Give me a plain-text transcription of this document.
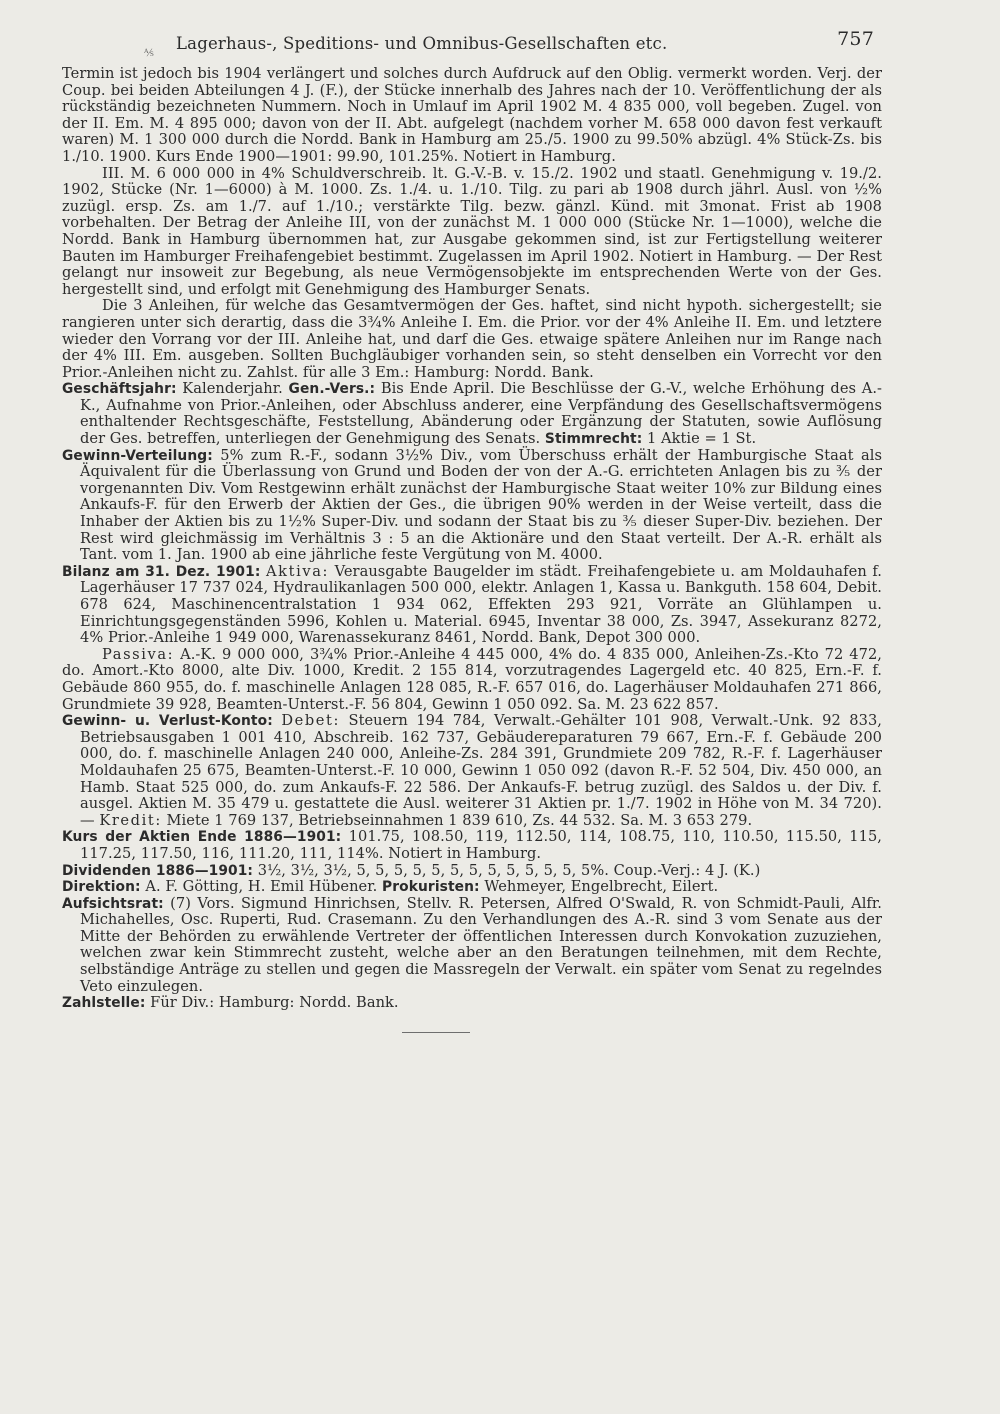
⅍ Lagerhaus-, Speditions- und Omnibus-Gesellschaften etc.	757

Termin ist jedoch bis 1904 verlängert und solches durch Aufdruck auf den Oblig. vermerkt worden. Verj. der Coup. bei beiden Abteilungen 4 J. (F.), der Stücke innerhalb des Jahres nach der 10. Veröffentlichung der als rückständig bezeichneten Nummern. Noch in Umlauf im April 1902 M. 4 835 000, voll begeben. Zugel. von der II. Em. M. 4 895 000; davon von der II. Abt. aufgelegt (nachdem vorher M. 658 000 davon fest verkauft waren) M. 1 300 000 durch die Nordd. Bank in Hamburg am 25./5. 1900 zu 99.50% abzügl. 4% Stück-Zs. bis 1./10. 1900. Kurs Ende 1900—1901: 99.90, 101.25%. Notiert in Hamburg.

III. M. 6 000 000 in 4% Schuldverschreib. lt. G.-V.-B. v. 15./2. 1902 und staatl. Genehmigung v. 19./2. 1902, Stücke (Nr. 1—6000) à M. 1000. Zs. 1./4. u. 1./10. Tilg. zu pari ab 1908 durch jährl. Ausl. von ½% zuzügl. ersp. Zs. am 1./7. auf 1./10.; verstärkte Tilg. bezw. gänzl. Künd. mit 3monat. Frist ab 1908 vorbehalten. Der Betrag der Anleihe III, von der zunächst M. 1 000 000 (Stücke Nr. 1—1000), welche die Nordd. Bank in Hamburg übernommen hat, zur Ausgabe gekommen sind, ist zur Fertigstellung weiterer Bauten im Hamburger Freihafengebiet bestimmt. Zugelassen im April 1902. Notiert in Hamburg. — Der Rest gelangt nur insoweit zur Begebung, als neue Vermögensobjekte im entsprechenden Werte von der Ges. hergestellt sind, und erfolgt mit Genehmigung des Hamburger Senats.

Die 3 Anleihen, für welche das Gesamtvermögen der Ges. haftet, sind nicht hypoth. sichergestellt; sie rangieren unter sich derartig, dass die 3¾% Anleihe I. Em. die Prior. vor der 4% Anleihe II. Em. und letztere wieder den Vorrang vor der III. Anleihe hat, und darf die Ges. etwaige spätere Anleihen nur im Range nach der 4% III. Em. ausgeben. Sollten Buchgläubiger vorhanden sein, so steht denselben ein Vorrecht vor den Prior.-Anleihen nicht zu. Zahlst. für alle 3 Em.: Hamburg: Nordd. Bank.

Geschäftsjahr: Kalenderjahr. Gen.-Vers.: Bis Ende April. Die Beschlüsse der G.-V., welche Erhöhung des A.-K., Aufnahme von Prior.-Anleihen, oder Abschluss anderer, eine Verpfändung des Gesellschaftsvermögens enthaltender Rechtsgeschäfte, Feststellung, Abänderung oder Ergänzung der Statuten, sowie Auflösung der Ges. betreffen, unterliegen der Genehmigung des Senats. Stimmrecht: 1 Aktie = 1 St.

Gewinn-Verteilung: 5% zum R.-F., sodann 3½% Div., vom Überschuss erhält der Hamburgische Staat als Äquivalent für die Überlassung von Grund und Boden der von der A.-G. errichteten Anlagen bis zu ⅗ der vorgenannten Div. Vom Restgewinn erhält zunächst der Hamburgische Staat weiter 10% zur Bildung eines Ankaufs-F. für den Erwerb der Aktien der Ges., die übrigen 90% werden in der Weise verteilt, dass die Inhaber der Aktien bis zu 1½% Super-Div. und sodann der Staat bis zu ⅗ dieser Super-Div. beziehen. Der Rest wird gleichmässig im Verhältnis 3 : 5 an die Aktionäre und den Staat verteilt. Der A.-R. erhält als Tant. vom 1. Jan. 1900 ab eine jährliche feste Vergütung von M. 4000.

Bilanz am 31. Dez. 1901: Aktiva: Verausgabte Baugelder im städt. Freihafengebiete u. am Moldauhafen f. Lagerhäuser 17 737 024, Hydraulikanlagen 500 000, elektr. Anlagen 1, Kassa u. Bankguth. 158 604, Debit. 678 624, Maschinencentralstation 1 934 062, Effekten 293 921, Vorräte an Glühlampen u. Einrichtungsgegenständen 5996, Kohlen u. Material. 6945, Inventar 38 000, Zs. 3947, Assekuranz 8272, 4% Prior.-Anleihe 1 949 000, Warenassekuranz 8461, Nordd. Bank, Depot 300 000.

Passiva: A.-K. 9 000 000, 3¾% Prior.-Anleihe 4 445 000, 4% do. 4 835 000, Anleihen-Zs.-Kto 72 472, do. Amort.-Kto 8000, alte Div. 1000, Kredit. 2 155 814, vorzutragendes Lagergeld etc. 40 825, Ern.-F. f. Gebäude 860 955, do. f. maschinelle Anlagen 128 085, R.-F. 657 016, do. Lagerhäuser Moldauhafen 271 866, Grundmiete 39 928, Beamten-Unterst.-F. 56 804, Gewinn 1 050 092. Sa. M. 23 622 857.

Gewinn- u. Verlust-Konto: Debet: Steuern 194 784, Verwalt.-Gehälter 101 908, Verwalt.-Unk. 92 833, Betriebsausgaben 1 001 410, Abschreib. 162 737, Gebäudereparaturen 79 667, Ern.-F. f. Gebäude 200 000, do. f. maschinelle Anlagen 240 000, Anleihe-Zs. 284 391, Grundmiete 209 782, R.-F. f. Lagerhäuser Moldauhafen 25 675, Beamten-Unterst.-F. 10 000, Gewinn 1 050 092 (davon R.-F. 52 504, Div. 450 000, an Hamb. Staat 525 000, do. zum Ankaufs-F. 22 586. Der Ankaufs-F. betrug zuzügl. des Saldos u. der Div. f. ausgel. Aktien M. 35 479 u. gestattete die Ausl. weiterer 31 Aktien pr. 1./7. 1902 in Höhe von M. 34 720). — Kredit: Miete 1 769 137, Betriebseinnahmen 1 839 610, Zs. 44 532. Sa. M. 3 653 279.

Kurs der Aktien Ende 1886—1901: 101.75, 108.50, 119, 112.50, 114, 108.75, 110, 110.50, 115.50, 115, 117.25, 117.50, 116, 111.20, 111, 114%. Notiert in Hamburg.

Dividenden 1886—1901: 3½, 3½, 3½, 5, 5, 5, 5, 5, 5, 5, 5, 5, 5, 5, 5, 5%. Coup.-Verj.: 4 J. (K.)

Direktion: A. F. Götting, H. Emil Hübener. Prokuristen: Wehmeyer, Engelbrecht, Eilert.

Aufsichtsrat: (7) Vors. Sigmund Hinrichsen, Stellv. R. Petersen, Alfred O'Swald, R. von Schmidt-Pauli, Alfr. Michahelles, Osc. Ruperti, Rud. Crasemann. Zu den Verhandlungen des A.-R. sind 3 vom Senate aus der Mitte der Behörden zu erwählende Vertreter der öffentlichen Interessen durch Konvokation zuzuziehen, welchen zwar kein Stimmrecht zusteht, welche aber an den Beratungen teilnehmen, mit dem Rechte, selbständige Anträge zu stellen und gegen die Massregeln der Verwalt. ein später vom Senat zu regelndes Veto einzulegen.

Zahlstelle: Für Div.: Hamburg: Nordd. Bank.
